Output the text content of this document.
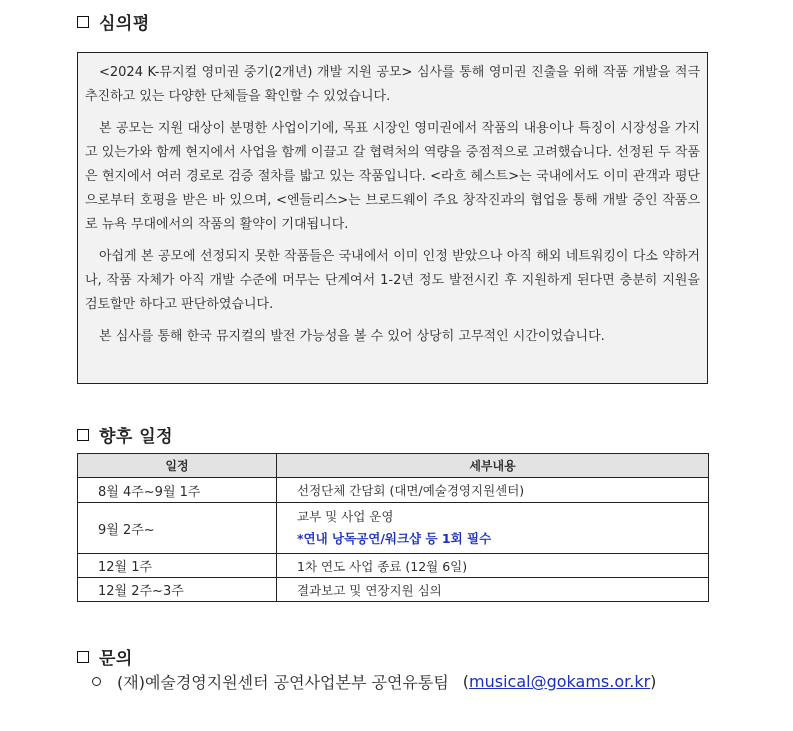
심의평

<2024 K-뮤지컬 영미권 중기(2개년) 개발 지원 공모> 심사를 통해 영미권 진출을 위해 작품 개발을 적극 추진하고 있는 다양한 단체들을 확인할 수 있었습니다.

본 공모는 지원 대상이 분명한 사업이기에, 목표 시장인 영미권에서 작품의 내용이나 특징이 시장성을 가지고 있는가와 함께 현지에서 사업을 함께 이끌고 갈 협력처의 역량을 중점적으로 고려했습니다. 선정된 두 작품은 현지에서 여러 경로로 검증 절차를 밟고 있는 작품입니다. <라흐 헤스트>는 국내에서도 이미 관객과 평단으로부터 호평을 받은 바 있으며, <엔들리스>는 브로드웨이 주요 창작진과의 협업을 통해 개발 중인 작품으로 뉴욕 무대에서의 작품의 활약이 기대됩니다.

아쉽게 본 공모에 선정되지 못한 작품들은 국내에서 이미 인정 받았으나 아직 해외 네트워킹이 다소 약하거나, 작품 자체가 아직 개발 수준에 머무는 단계여서 1-2년 정도 발전시킨 후 지원하게 된다면 충분히 지원을 검토할만 하다고 판단하였습니다.

본 심사를 통해 한국 뮤지컬의 발전 가능성을 볼 수 있어 상당히 고무적인 시간이었습니다.

향후 일정
일정	세부내용
8월 4주~9월 1주	선정단체 간담회 (대면/예술경영지원센터)
9월 2주~	교부 및 사업 운영
*연내 낭독공연/워크샵 등 1회 필수

12월 1주	1차 연도 사업 종료 (12월 6일)
12월 2주~3주	결과보고 및 연장지원 심의
문의
(재)예술경영지원센터 공연사업본부 공연유통팀 ( musical@gokams.or.kr )
